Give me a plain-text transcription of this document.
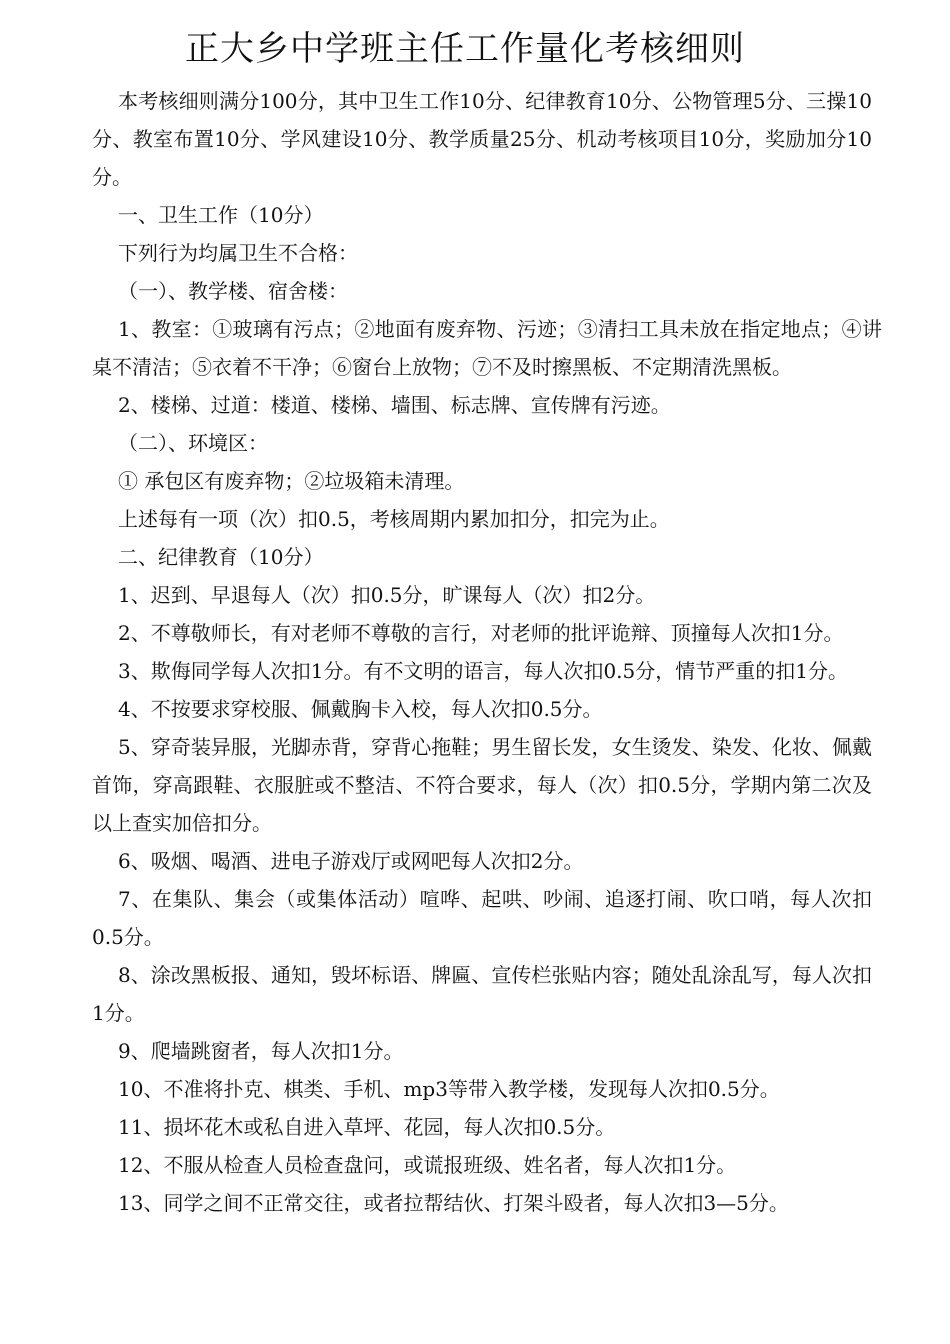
正大乡中学班主任工作量化考核细则

本考核细则满分100分，其中卫生工作10分、纪律教育10分、公物管理5分、三操10分、教室布置10分、学风建设10分、教学质量25分、机动考核项目10分，奖励加分10分。

一、卫生工作（10分）

下列行为均属卫生不合格：

（一）、教学楼、宿舍楼：

1、教室：①玻璃有污点；②地面有废弃物、污迹；③清扫工具未放在指定地点；④讲桌不清洁；⑤衣着不干净；⑥窗台上放物；⑦不及时擦黑板、不定期清洗黑板。

2、楼梯、过道：楼道、楼梯、墙围、标志牌、宣传牌有污迹。

（二）、环境区：

① 承包区有废弃物；②垃圾箱未清理。

上述每有一项（次）扣0.5，考核周期内累加扣分，扣完为止。

二、纪律教育（10分）

1、迟到、早退每人（次）扣0.5分，旷课每人（次）扣2分。

2、不尊敬师长，有对老师不尊敬的言行，对老师的批评诡辩、顶撞每人次扣1分。

3、欺侮同学每人次扣1分。有不文明的语言，每人次扣0.5分，情节严重的扣1分。

4、不按要求穿校服、佩戴胸卡入校，每人次扣0.5分。

5、穿奇装异服，光脚赤背，穿背心拖鞋；男生留长发，女生烫发、染发、化妆、佩戴首饰，穿高跟鞋、衣服脏或不整洁、不符合要求，每人（次）扣0.5分，学期内第二次及以上查实加倍扣分。

6、吸烟、喝酒、进电子游戏厅或网吧每人次扣2分。

7、在集队、集会（或集体活动）喧哗、起哄、吵闹、追逐打闹、吹口哨，每人次扣0.5分。

8、涂改黑板报、通知，毁坏标语、牌匾、宣传栏张贴内容；随处乱涂乱写，每人次扣1分。

9、爬墙跳窗者，每人次扣1分。

10、不准将扑克、棋类、手机、mp3等带入教学楼，发现每人次扣0.5分。

11、损坏花木或私自进入草坪、花园，每人次扣0.5分。

12、不服从检查人员检查盘问，或谎报班级、姓名者，每人次扣1分。

13、同学之间不正常交往，或者拉帮结伙、打架斗殴者，每人次扣3—5分。
